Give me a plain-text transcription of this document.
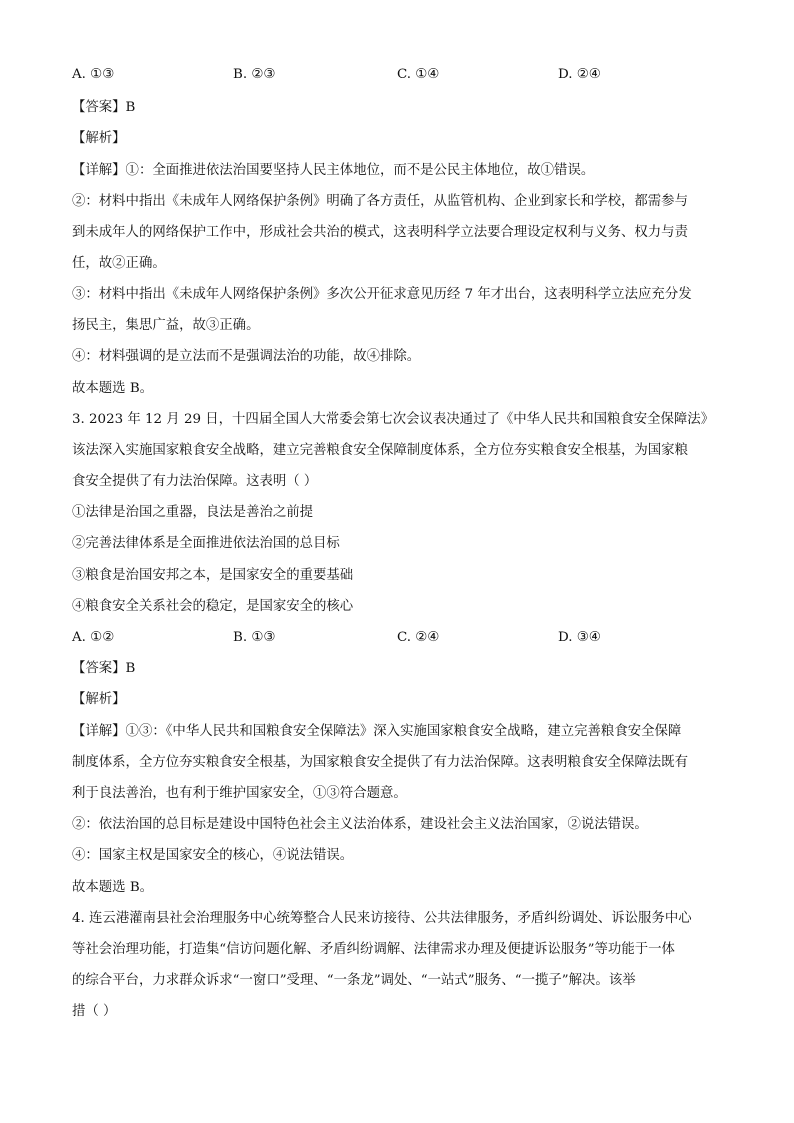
A. ①③	B. ②③	C. ①④	D. ②④
【答案】B
【解析】
【详解】①：全面推进依法治国要坚持人民主体地位，而不是公民主体地位，故①错误。
②：材料中指出《未成年人网络保护条例》明确了各方责任，从监管机构、企业到家长和学校，都需参与
到未成年人的网络保护工作中，形成社会共治的模式，这表明科学立法要合理设定权利与义务、权力与责
任，故②正确。
③：材料中指出《未成年人网络保护条例》多次公开征求意见历经 7 年才出台，这表明科学立法应充分发
扬民主，集思广益，故③正确。
④：材料强调的是立法而不是强调法治的功能，故④排除。
故本题选 B。
3. 2023 年 12 月 29 日，十四届全国人大常委会第七次会议表决通过了《中华人民共和国粮食安全保障法》
该法深入实施国家粮食安全战略，建立完善粮食安全保障制度体系，全方位夯实粮食安全根基，为国家粮
食安全提供了有力法治保障。这表明（ ）
①法律是治国之重器，良法是善治之前提
②完善法律体系是全面推进依法治国的总目标
③粮食是治国安邦之本，是国家安全的重要基础
④粮食安全关系社会的稳定，是国家安全的核心
A. ①②	B. ①③	C. ②④	D. ③④
【答案】B
【解析】
【详解】①③：《中华人民共和国粮食安全保障法》深入实施国家粮食安全战略，建立完善粮食安全保障
制度体系，全方位夯实粮食安全根基，为国家粮食安全提供了有力法治保障。这表明粮食安全保障法既有
利于良法善治，也有利于维护国家安全，①③符合题意。
②：依法治国的总目标是建设中国特色社会主义法治体系，建设社会主义法治国家，②说法错误。
④：国家主权是国家安全的核心，④说法错误。
故本题选 B。
4. 连云港灌南县社会治理服务中心统筹整合人民来访接待、公共法律服务，矛盾纠纷调处、诉讼服务中心
等社会治理功能，打造集“信访问题化解、矛盾纠纷调解、法律需求办理及便捷诉讼服务”等功能于一体
的综合平台，力求群众诉求“一窗口”受理、“一条龙”调处、“一站式”服务、“一揽子”解决。该举
措（ ）
